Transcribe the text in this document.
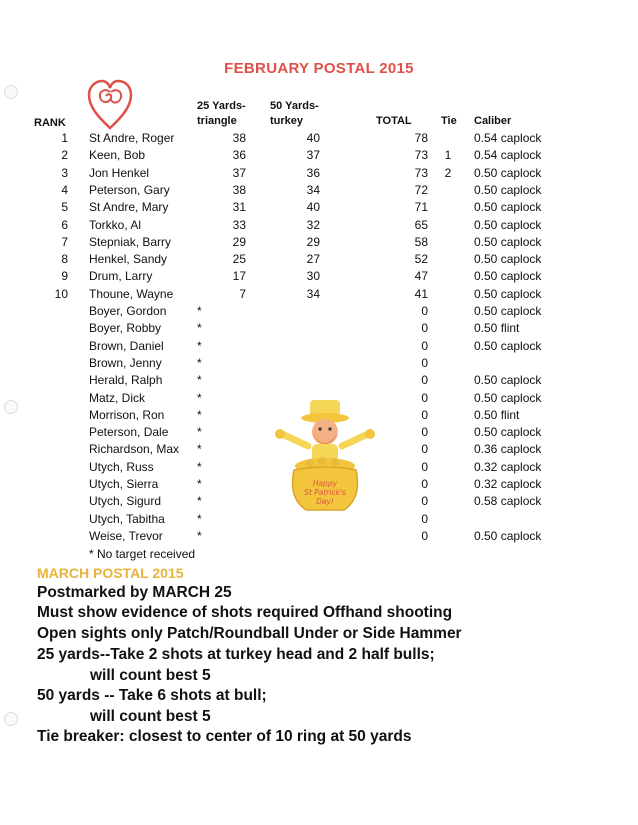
FEBRUARY POSTAL 2015
RANK
25 Yards-
triangle
50 Yards-
turkey	TOTAL	Tie Caliber
1 St Andre, Roger	38	40	78	0.54 caplock
2 Keen, Bob	36	37	73 1 0.54 caplock
3 Jon Henkel	37	36	73 2 0.50 caplock
4 Peterson, Gary	38	34	72	0.50 caplock
5 St Andre, Mary	31	40	71	0.50 caplock
6 Torkko, Al	33	32	65	0.50 caplock
7 Stepniak, Barry	29	29	58	0.50 caplock
8 Henkel, Sandy	25	27	52	0.50 caplock
9 Drum, Larry	17	30	47	0.50 caplock
10 Thoune, Wayne	7	34	41	0.50 caplock
Boyer, Gordon	*	0	0.50 caplock
Boyer, Robby	*	0	0.50 flint
Brown, Daniel	*	0	0.50 caplock
Brown, Jenny	*	0
Herald, Ralph	*	0	0.50 caplock
Matz, Dick	*	0	0.50 caplock
Morrison, Ron	*	0	0.50 flint
Peterson, Dale *	0	0.50 caplock
Richardson, Max *	0	0.36 caplock
Utych, Russ	*	0	0.32 caplock
Utych, Sierra	*	0	0.32 caplock
Utych, Sigurd	*	0	0.58 caplock
Utych, Tabitha	*	0
Weise, Trevor	*	0	0.50 caplock
* No target received
Happy
St Patrick's
Day!
MARCH POSTAL 2015
Postmarked by MARCH 25
Must show evidence of shots required Offhand shooting
Open sights only Patch/Roundball Under or Side Hammer
25 yards--Take 2 shots at turkey head and 2 half bulls;
will count best 5
50 yards -- Take 6 shots at bull;
will count best 5
Tie breaker: closest to center of 10 ring at 50 yards
